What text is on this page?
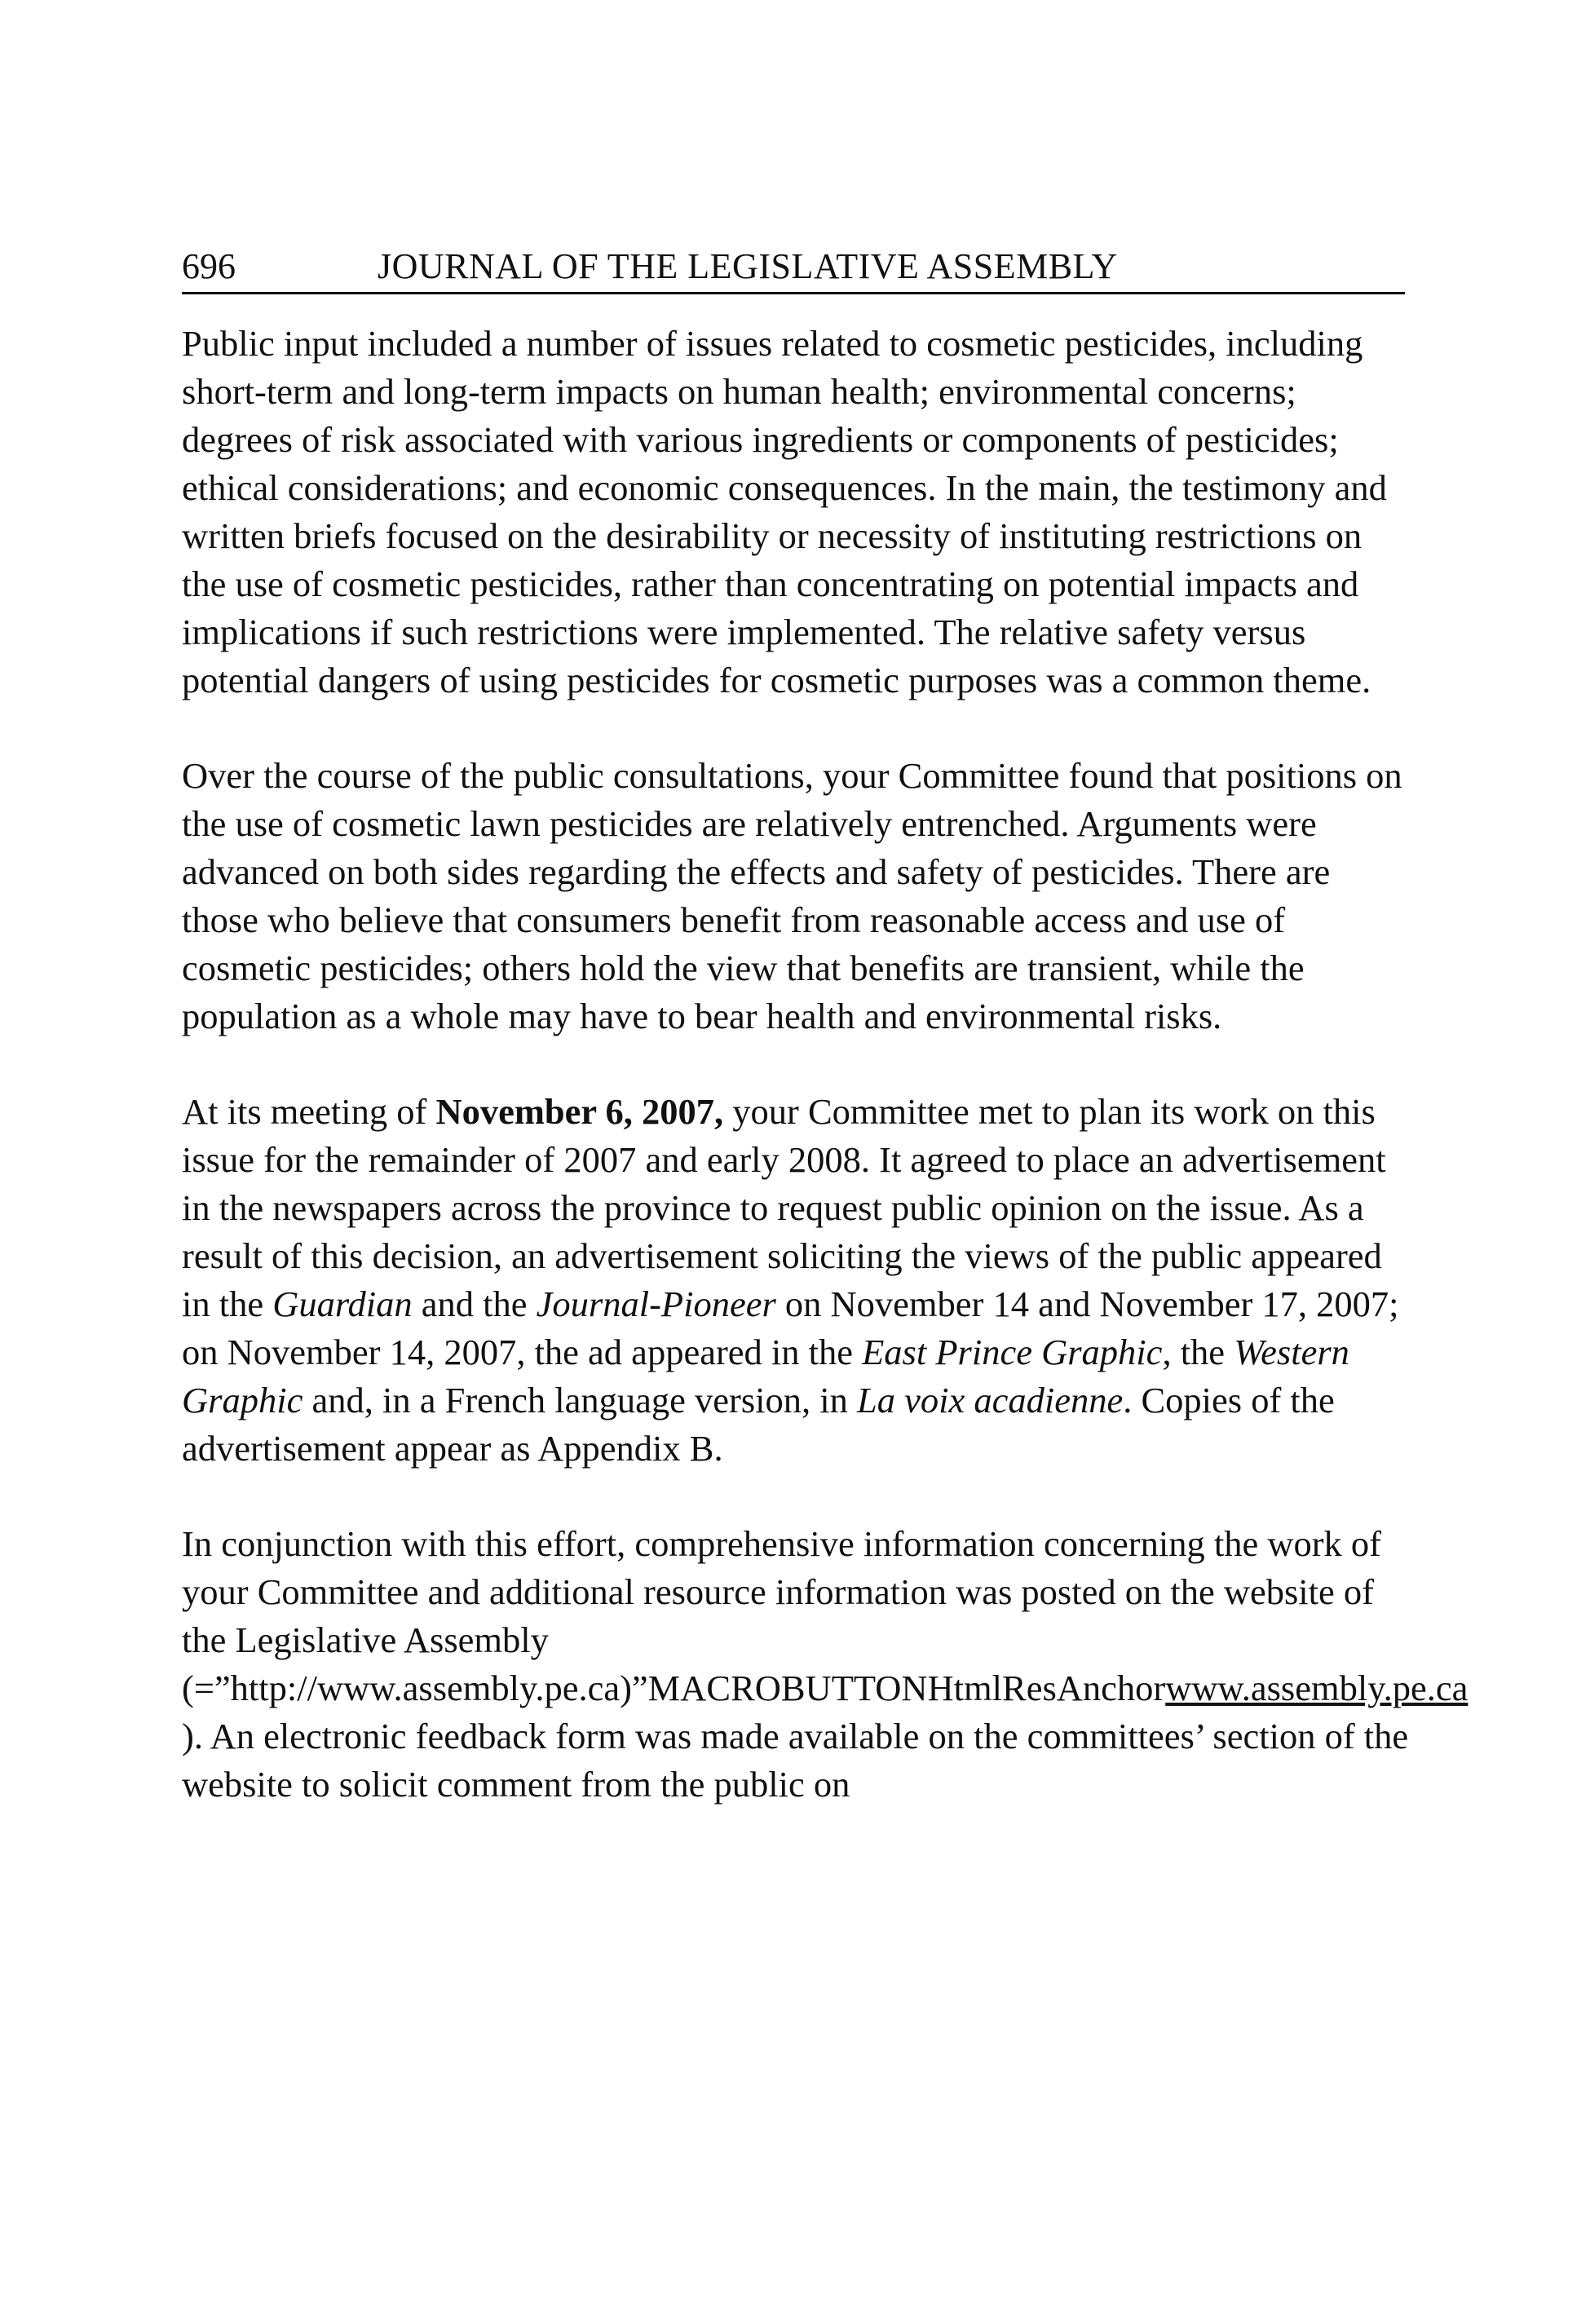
696	JOURNAL OF THE LEGISLATIVE ASSEMBLY

Public input included a number of issues related to cosmetic pesticides, including short-term and long-term impacts on human health; environmental concerns; degrees of risk associated with various ingredients or components of pesticides; ethical considerations; and economic consequences. In the main, the testimony and written briefs focused on the desirability or necessity of instituting restrictions on the use of cosmetic pesticides, rather than concentrating on potential impacts and implications if such restrictions were implemented. The relative safety versus potential dangers of using pesticides for cosmetic purposes was a common theme.

Over the course of the public consultations, your Committee found that positions on the use of cosmetic lawn pesticides are relatively entrenched. Arguments were advanced on both sides regarding the effects and safety of pesticides. There are those who believe that consumers benefit from reasonable access and use of cosmetic pesticides; others hold the view that benefits are transient, while the population as a whole may have to bear health and environmental risks.

At its meeting of November 6, 2007, your Committee met to plan its work on this issue for the remainder of 2007 and early 2008. It agreed to place an advertisement in the newspapers across the province to request public opinion on the issue. As a result of this decision, an advertisement soliciting the views of the public appeared in the Guardian and the Journal-Pioneer on November 14 and November 17, 2007; on November 14, 2007, the ad appeared in the East Prince Graphic, the Western Graphic and, in a French language version, in La voix acadienne. Copies of the advertisement appear as Appendix B.

In conjunction with this effort, comprehensive information concerning the work of your Committee and additional resource information was posted on the website of the Legislative Assembly (=”http://www.assembly.pe.ca)”MACROBUTTONHtmlResAnchorwww.assembly.pe.ca ). An electronic feedback form was made available on the committees’ section of the website to solicit comment from the public on
